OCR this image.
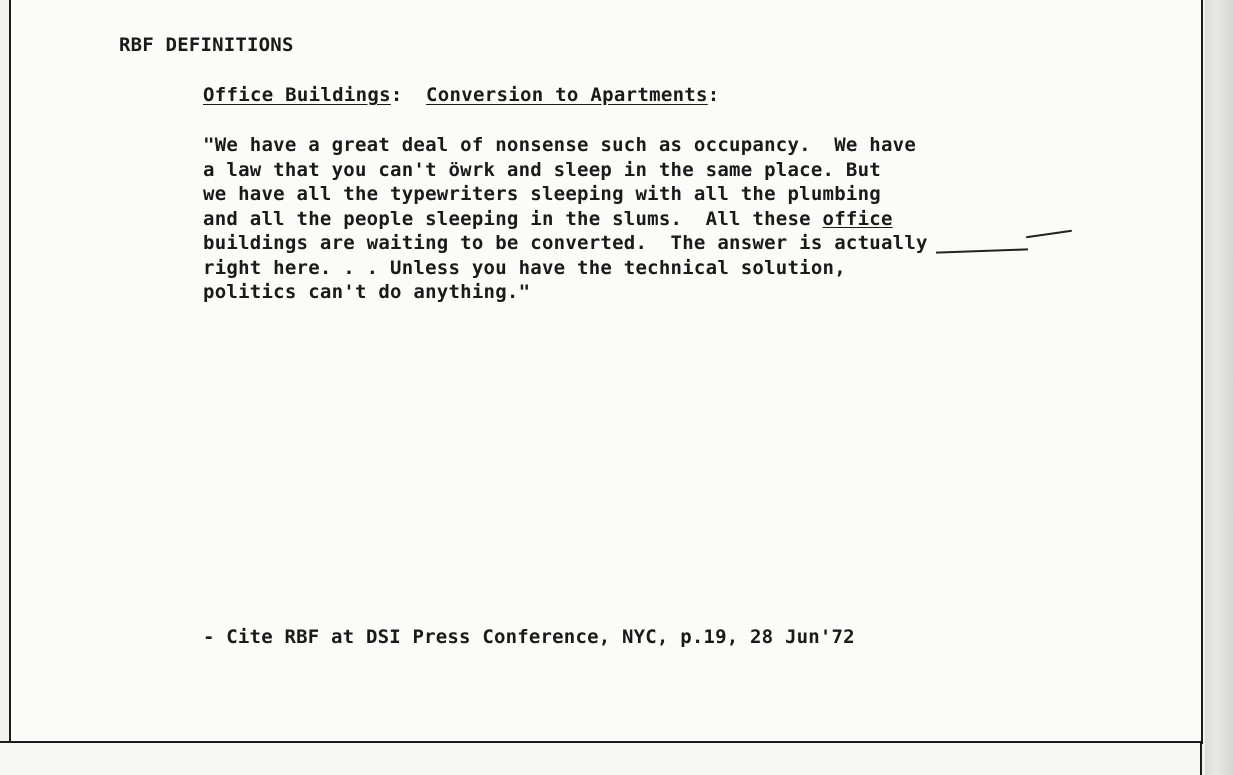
RBF DEFINITIONS
Office Buildings:  Conversion to Apartments:
"We have a great deal of nonsense such as occupancy.  We have
a law that you can't öwrk and sleep in the same place. But
we have all the typewriters sleeping with all the plumbing
and all the people sleeping in the slums.  All these office
buildings are waiting to be converted.  The answer is actually
right here. . . Unless you have the technical solution,
politics can't do anything."
- Cite RBF at DSI Press Conference, NYC, p.19, 28 Jun'72
